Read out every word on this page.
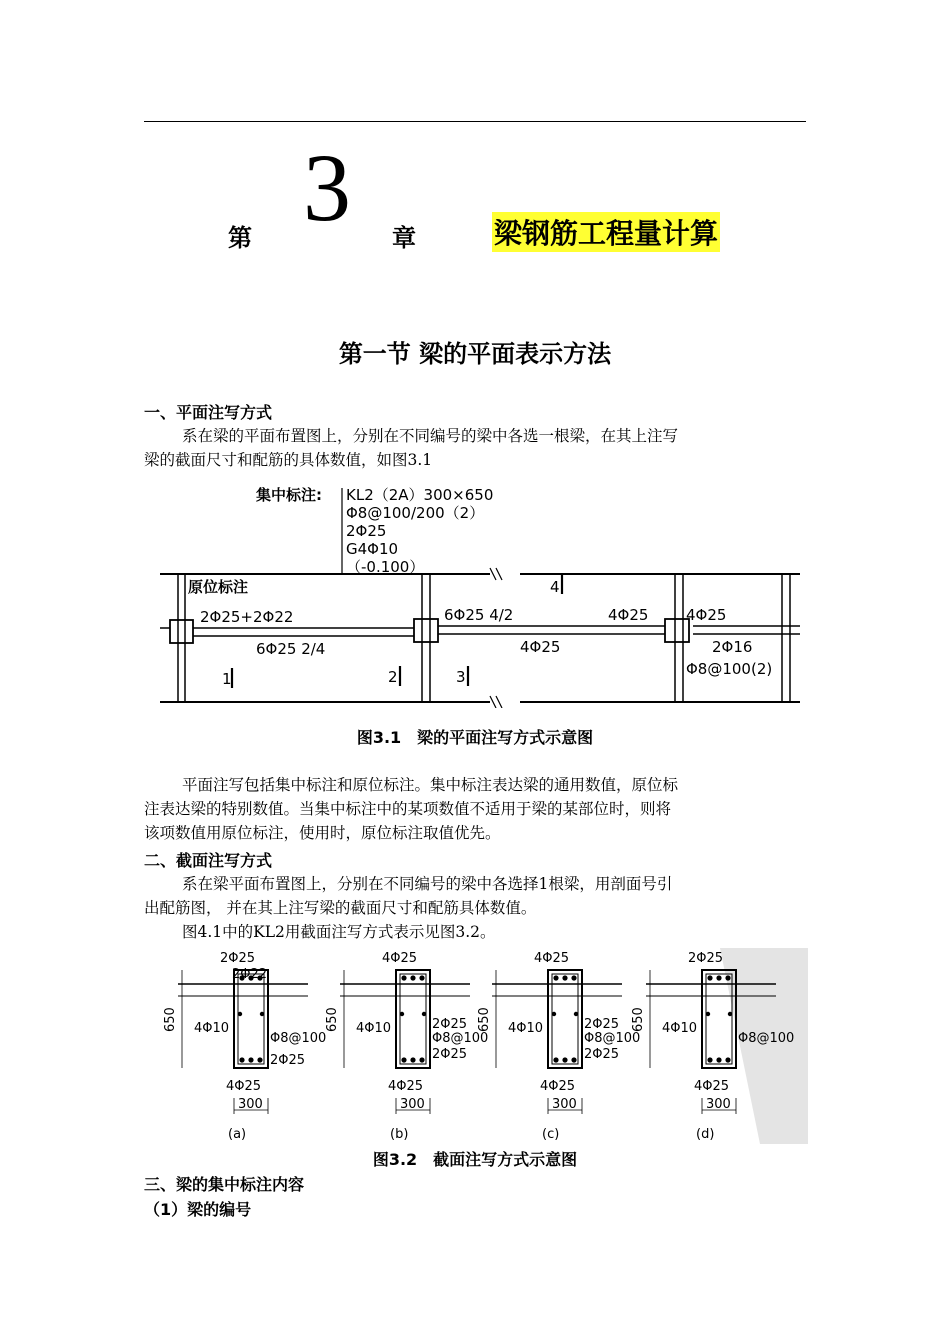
第 3 章	梁钢筋工程量计算
第一节 梁的平面表示方法
一、平面注写方式
系在梁的平面布置图上，分别在不同编号的梁中各选一根梁，在其上注写
梁的截面尺寸和配筋的具体数值，如图3.1
集中标注: KL2（2A）300×650
Φ8@100/200（2）
2Φ25
G4Φ10
（-0.100）
原位标注
2Φ25+2Φ22
6Φ25 2/4
6Φ25 4/2	4Φ25
4Φ25
4Φ25
2Φ16
Φ8@100(2)
1	2	3
4
图3.1　梁的平面注写方式示意图
平面注写包括集中标注和原位标注。集中标注表达梁的通用数值，原位标
注表达梁的特别数值。当集中标注中的某项数值不适用于梁的某部位时，则将
该项数值用原位标注，使用时，原位标注取值优先。
二、截面注写方式
系在梁平面布置图上，分别在不同编号的梁中各选择1根梁，用剖面号引
出配筋图， 并在其上注写梁的截面尺寸和配筋具体数值。
图4.1中的KL2用截面注写方式表示见图3.2。
650
300
2Φ25
2Φ22
4Φ10
Φ8@100
2Φ25
4Φ25
(a)
650
300
4Φ25
4Φ10	2Φ25
Φ8@100
2Φ25
4Φ25
(b)
650
300
4Φ25
4Φ10	2Φ25
Φ8@100
2Φ25
4Φ25
(c)
650
300
2Φ25
4Φ10
Φ8@100
4Φ25
(d)
图3.2　截面注写方式示意图
三、梁的集中标注内容
（1）梁的编号
